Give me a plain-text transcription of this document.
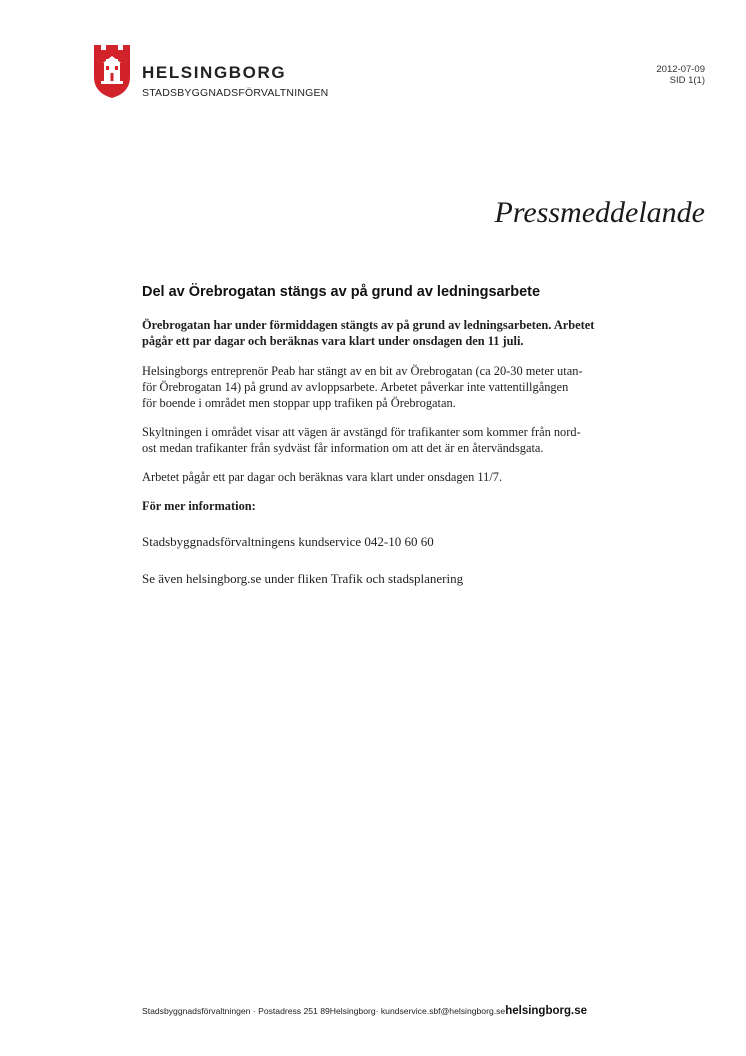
HELSINGBORG
STADSBYGGNADSFÖRVALTNINGEN
2012-07-09
SID 1(1)
Pressmeddelande
Del av Örebrogatan stängs av på grund av ledningsarbete

Örebrogatan har under förmiddagen stängts av på grund av ledningsarbeten. Arbetet
pågår ett par dagar och beräknas vara klart under onsdagen den 11 juli.

Helsingborgs entreprenör Peab har stängt av en bit av Örebrogatan (ca 20-30 meter utan-
för Örebrogatan 14) på grund av avloppsarbete. Arbetet påverkar inte vattentillgången
för boende i området men stoppar upp trafiken på Örebrogatan.

Skyltningen i området visar att vägen är avstängd för trafikanter som kommer från nord-
ost medan trafikanter från sydväst får information om att det är en återvändsgata.

Arbetet pågår ett par dagar och beräknas vara klart under onsdagen 11/7.

För mer information:

Stadsbyggnadsförvaltningens kundservice 042-10 60 60

Se även helsingborg.se under fliken Trafik och stadsplanering

Stadsbyggnadsförvaltningen · Postadress 251 89Helsingborg· kundservice.sbf@helsingborg.sehelsingborg.se
